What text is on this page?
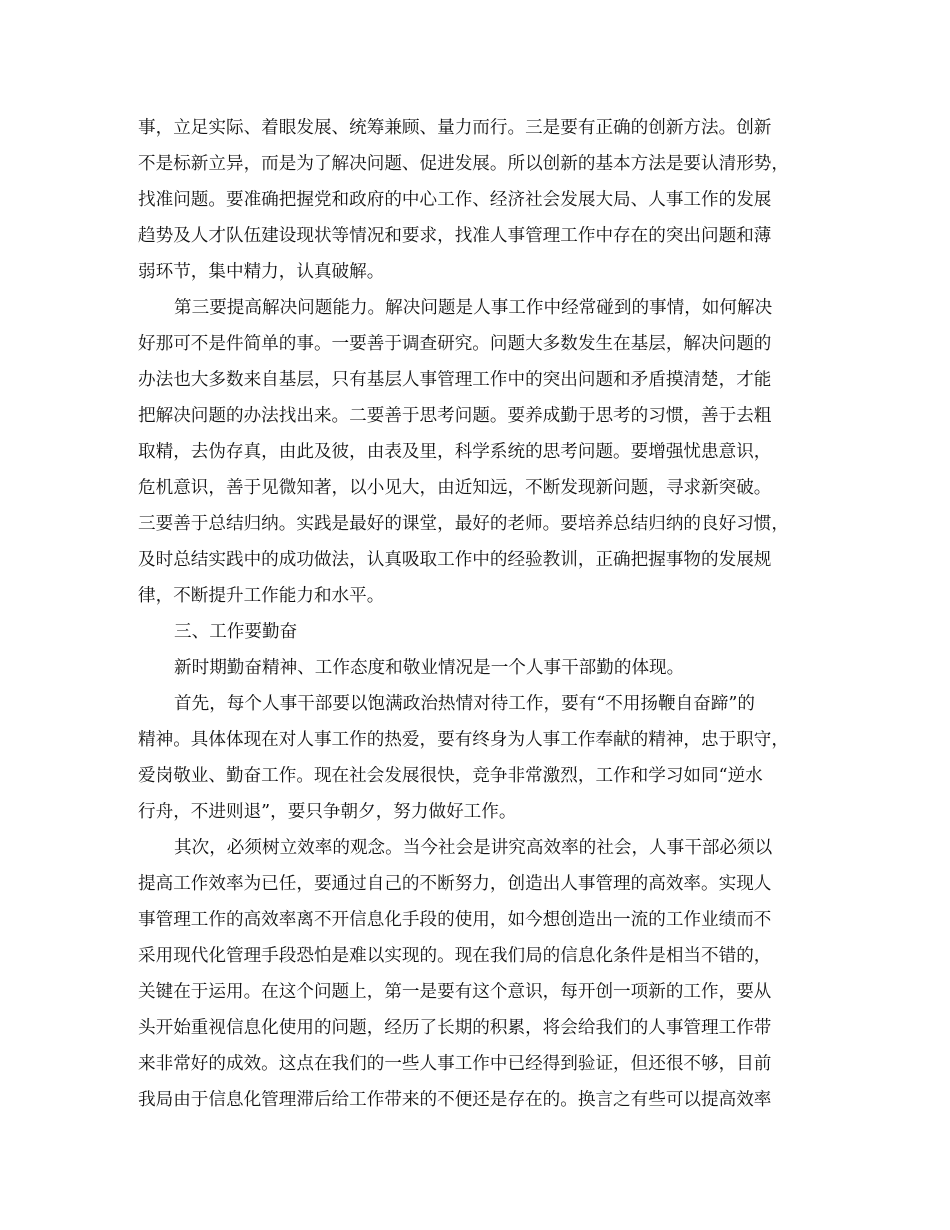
事，立足实际、着眼发展、统筹兼顾、量力而行。三是要有正确的创新方法。创新
不是标新立异，而是为了解决问题、促进发展。所以创新的基本方法是要认清形势，
找准问题。要准确把握党和政府的中心工作、经济社会发展大局、人事工作的发展
趋势及人才队伍建设现状等情况和要求，找准人事管理工作中存在的突出问题和薄
弱环节，集中精力，认真破解。
第三要提高解决问题能力。解决问题是人事工作中经常碰到的事情，如何解决
好那可不是件简单的事。一要善于调查研究。问题大多数发生在基层，解决问题的
办法也大多数来自基层，只有基层人事管理工作中的突出问题和矛盾摸清楚，才能
把解决问题的办法找出来。二要善于思考问题。要养成勤于思考的习惯，善于去粗
取精，去伪存真，由此及彼，由表及里，科学系统的思考问题。要增强忧患意识，
危机意识，善于见微知著，以小见大，由近知远，不断发现新问题，寻求新突破。
三要善于总结归纳。实践是最好的课堂，最好的老师。要培养总结归纳的良好习惯，
及时总结实践中的成功做法，认真吸取工作中的经验教训，正确把握事物的发展规
律，不断提升工作能力和水平。
三、工作要勤奋
新时期勤奋精神、工作态度和敬业情况是一个人事干部勤的体现。
首先，每个人事干部要以饱满政治热情对待工作，要有“不用扬鞭自奋蹄”的
精神。具体体现在对人事工作的热爱，要有终身为人事工作奉献的精神，忠于职守，
爱岗敬业、勤奋工作。现在社会发展很快，竞争非常激烈，工作和学习如同“逆水
行舟，不进则退”，要只争朝夕，努力做好工作。
其次，必须树立效率的观念。当今社会是讲究高效率的社会，人事干部必须以
提高工作效率为已任，要通过自己的不断努力，创造出人事管理的高效率。实现人
事管理工作的高效率离不开信息化手段的使用，如今想创造出一流的工作业绩而不
采用现代化管理手段恐怕是难以实现的。现在我们局的信息化条件是相当不错的，
关键在于运用。在这个问题上，第一是要有这个意识，每开创一项新的工作，要从
头开始重视信息化使用的问题，经历了长期的积累，将会给我们的人事管理工作带
来非常好的成效。这点在我们的一些人事工作中已经得到验证，但还很不够，目前
我局由于信息化管理滞后给工作带来的不便还是存在的。换言之有些可以提高效率
